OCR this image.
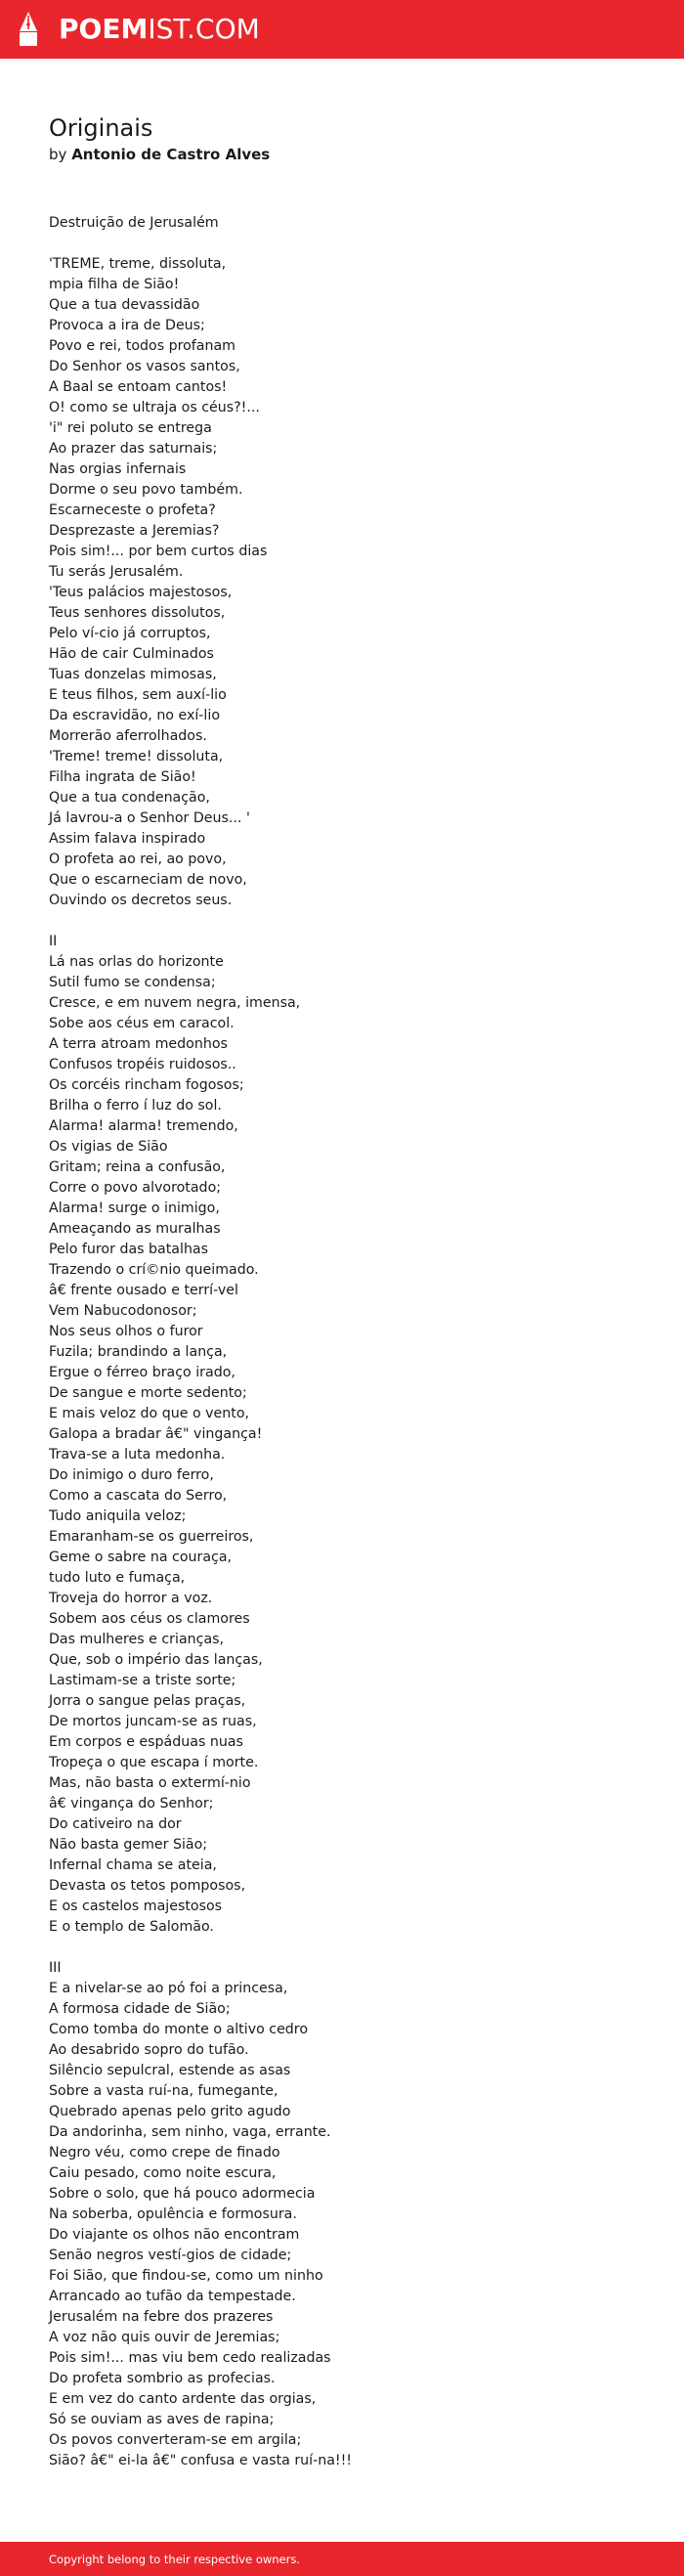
POEMIST.COM
Originais
by Antonio de Castro Alves
Destruição de Jerusalém
'TREME, treme, dissoluta,
mpia filha de Sião!
Que a tua devassidão
Provoca a ira de Deus;
Povo e rei, todos profanam
Do Senhor os vasos santos,
A Baal se entoam cantos!
O! como se ultraja os céus?!...
'i" rei poluto se entrega
Ao prazer das saturnais;
Nas orgias infernais
Dorme o seu povo também.
Escarneceste o profeta?
Desprezaste a Jeremias?
Pois sim!... por bem curtos dias
Tu serás Jerusalém.
'Teus palácios majestosos,
Teus senhores dissolutos,
Pelo ví-cio já corruptos,
Hão de cair Culminados
Tuas donzelas mimosas,
E teus filhos, sem auxí-lio
Da escravidão, no exí-lio
Morrerão aferrolhados.
'Treme! treme! dissoluta,
Filha ingrata de Sião!
Que a tua condenação,
Já lavrou-a o Senhor Deus... '
Assim falava inspirado
O profeta ao rei, ao povo,
Que o escarneciam de novo,
Ouvindo os decretos seus.
II
Lá nas orlas do horizonte
Sutil fumo se condensa;
Cresce, e em nuvem negra, imensa,
Sobe aos céus em caracol.
A terra atroam medonhos
Confusos tropéis ruidosos..
Os corcéis rincham fogosos;
Brilha o ferro í luz do sol.
Alarma! alarma! tremendo,
Os vigias de Sião
Gritam; reina a confusão,
Corre o povo alvorotado;
Alarma! surge o inimigo,
Ameaçando as muralhas
Pelo furor das batalhas
Trazendo o crí©nio queimado.
â€ frente ousado e terrí-vel
Vem Nabucodonosor;
Nos seus olhos o furor
Fuzila; brandindo a lança,
Ergue o férreo braço irado,
De sangue e morte sedento;
E mais veloz do que o vento,
Galopa a bradar â€" vingança!
Trava-se a luta medonha.
Do inimigo o duro ferro,
Como a cascata do Serro,
Tudo aniquila veloz;
Emaranham-se os guerreiros,
Geme o sabre na couraça,
tudo luto e fumaça,
Troveja do horror a voz.
Sobem aos céus os clamores
Das mulheres e crianças,
Que, sob o império das lanças,
Lastimam-se a triste sorte;
Jorra o sangue pelas praças,
De mortos juncam-se as ruas,
Em corpos e espáduas nuas
Tropeça o que escapa í morte.
Mas, não basta o extermí-nio
â€ vingança do Senhor;
Do cativeiro na dor
Não basta gemer Sião;
Infernal chama se ateia,
Devasta os tetos pomposos,
E os castelos majestosos
E o templo de Salomão.
III
E a nivelar-se ao pó foi a princesa,
A formosa cidade de Sião;
Como tomba do monte o altivo cedro
Ao desabrido sopro do tufão.
Silêncio sepulcral, estende as asas
Sobre a vasta ruí-na, fumegante,
Quebrado apenas pelo grito agudo
Da andorinha, sem ninho, vaga, errante.
Negro véu, como crepe de finado
Caiu pesado, como noite escura,
Sobre o solo, que há pouco adormecia
Na soberba, opulência e formosura.
Do viajante os olhos não encontram
Senão negros vestí-gios de cidade;
Foi Sião, que findou-se, como um ninho
Arrancado ao tufão da tempestade.
Jerusalém na febre dos prazeres
A voz não quis ouvir de Jeremias;
Pois sim!... mas viu bem cedo realizadas
Do profeta sombrio as profecias.
E em vez do canto ardente das orgias,
Só se ouviam as aves de rapina;
Os povos converteram-se em argila;
Sião? â€" ei-la â€" confusa e vasta ruí-na!!!
Copyright belong to their respective owners.
